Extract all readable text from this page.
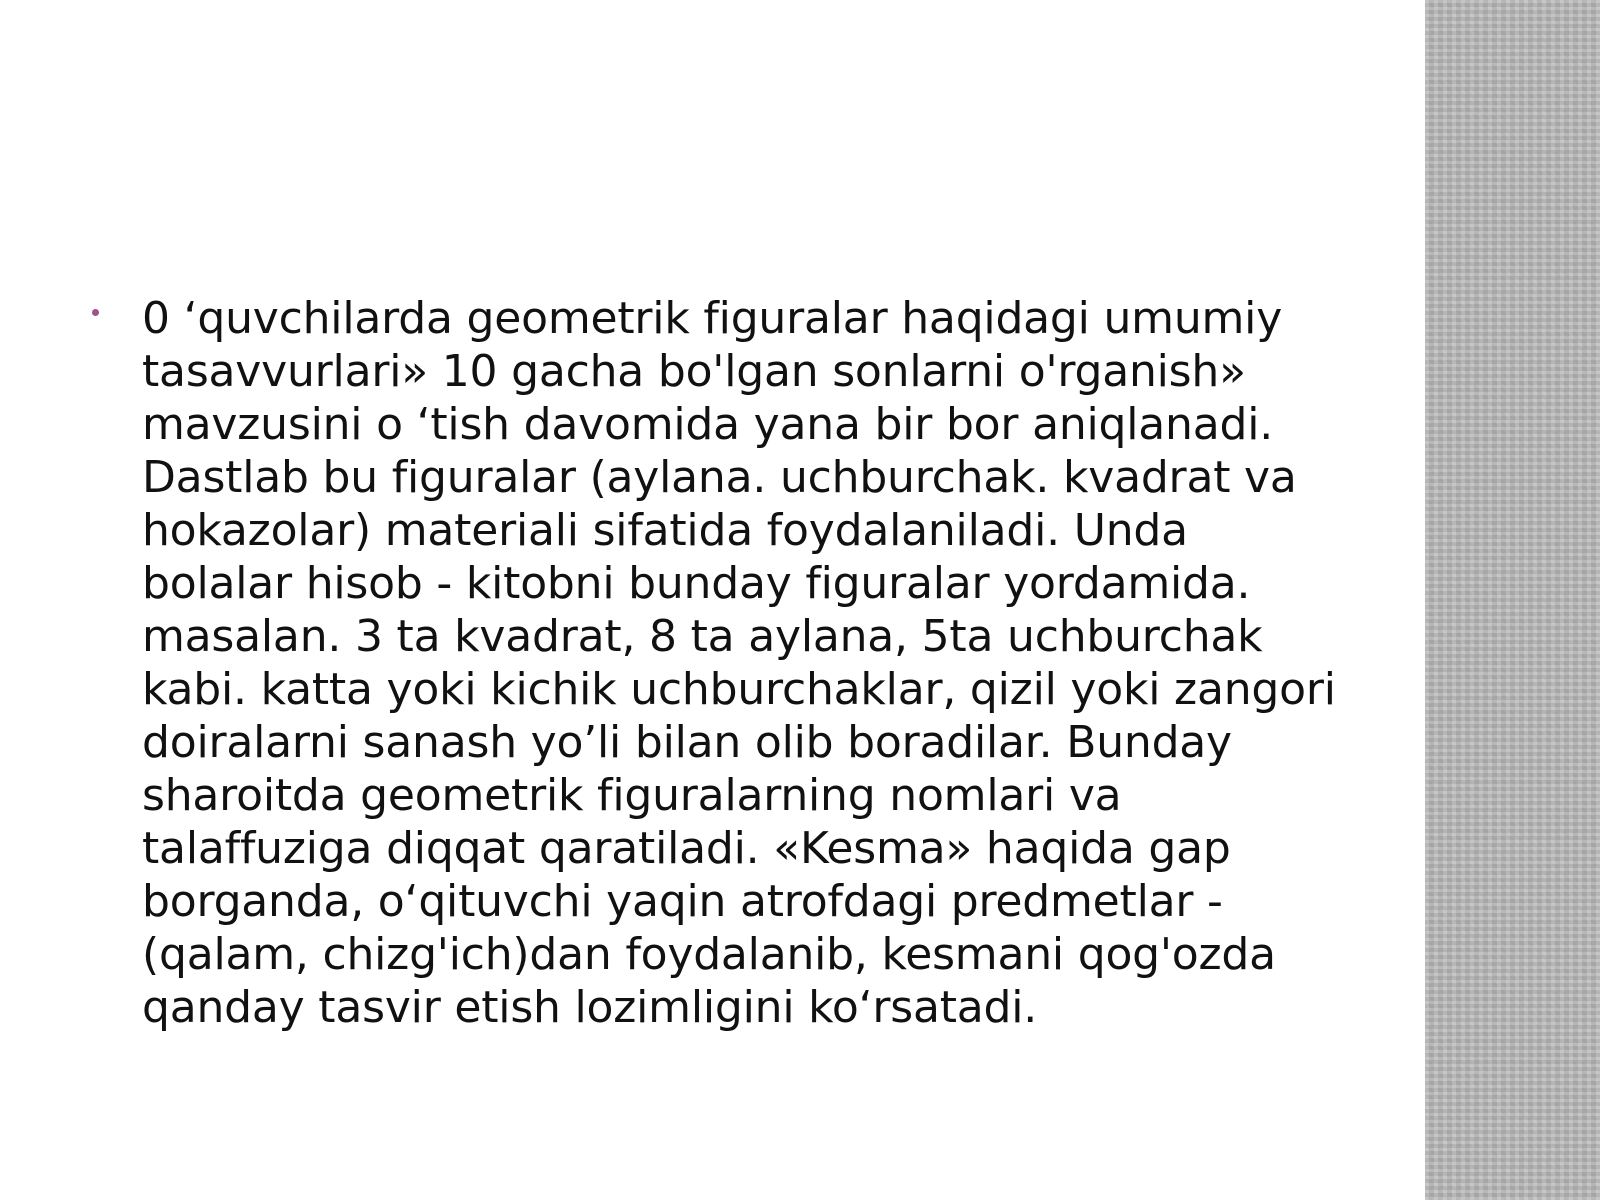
0 ‘quvchilarda geometrik figuralar haqidagi umumiy tasavvurlari» 10 gacha bo'lgan sonlarni o'rganish» mavzusini o ‘tish davomida yana bir bor aniqlanadi. Dastlab bu figuralar (aylana. uchburchak. kvadrat va hokazolar) materiali sifatida foydalaniladi. Unda bolalar hisob - kitobni bunday figuralar yordamida. masalan. 3 ta kvadrat, 8 ta aylana, 5ta uchburchak kabi. katta yoki kichik uchburchaklar, qizil yoki zangori doiralarni sanash yo’li bilan olib boradilar. Bunday sharoitda geometrik figuralarning nomlari va talaffuziga diqqat qaratiladi. «Kesma» haqida gap borganda, o‘qituvchi yaqin atrofdagi predmetlar - (qalam, chizg'ich)dan foydalanib, kesmani qog'ozda qanday tasvir etish lozimligini ko‘rsatadi.
